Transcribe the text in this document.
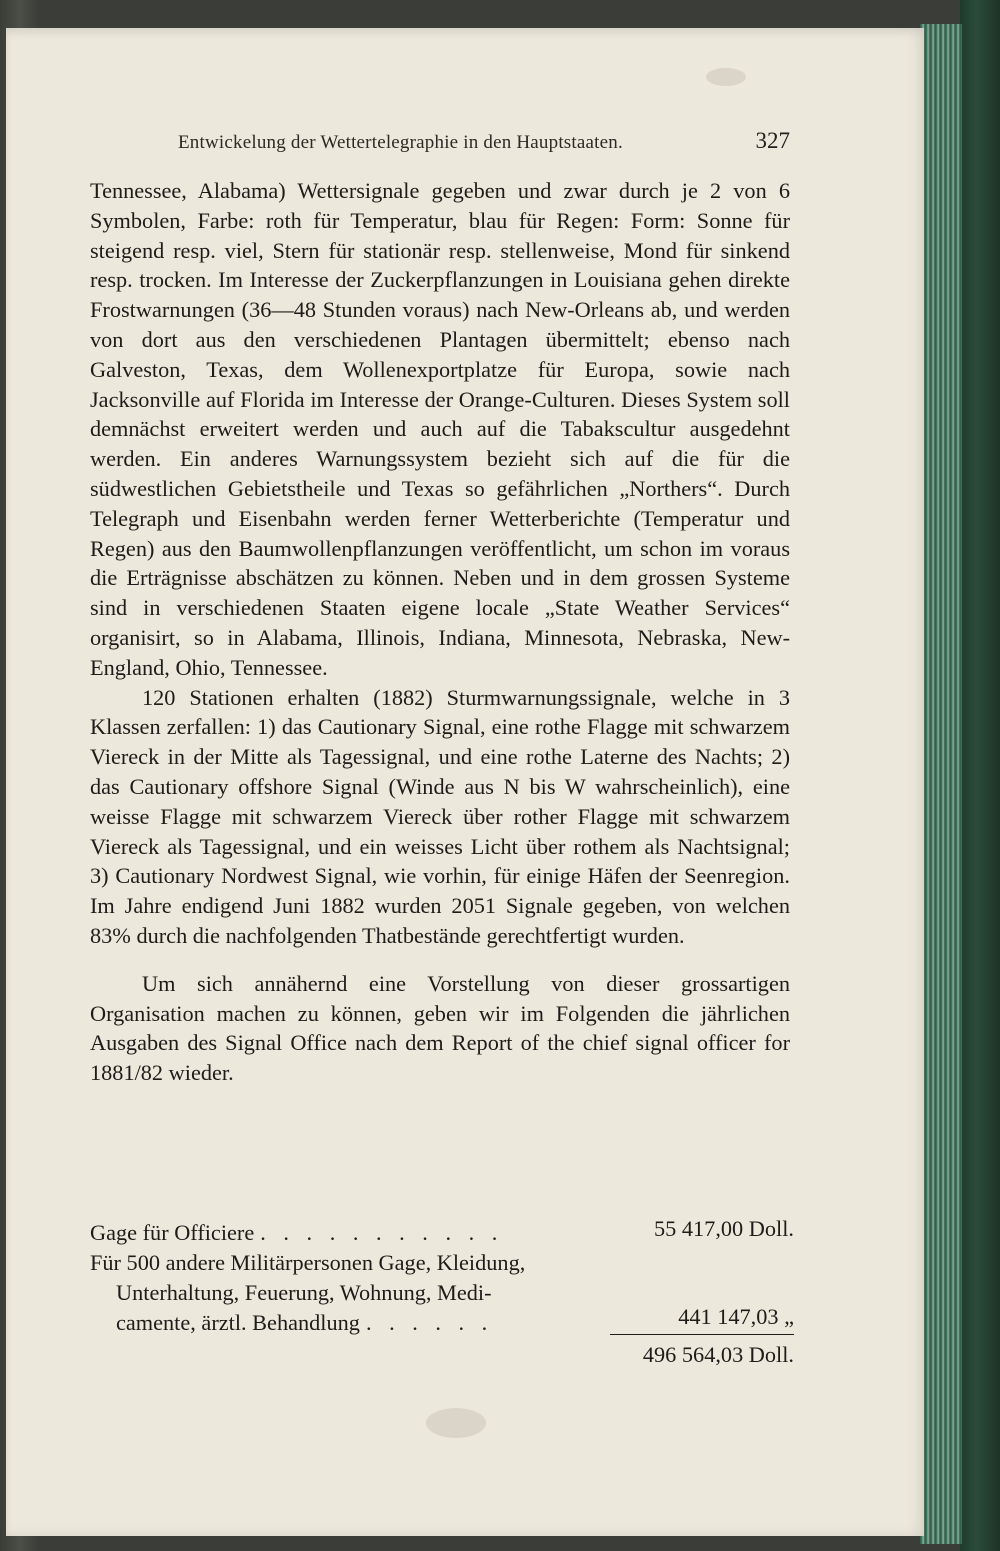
Entwickelung der Wettertelegraphie in den Hauptstaaten.	327

Tennessee, Alabama) Wettersignale gegeben und zwar durch je 2 von 6 Symbolen, Farbe: roth für Temperatur, blau für Regen: Form: Sonne für steigend resp. viel, Stern für stationär resp. stellenweise, Mond für sinkend resp. trocken. Im Interesse der Zuckerpflanzungen in Louisiana gehen direkte Frostwarnungen (36—48 Stunden voraus) nach New-Orleans ab, und werden von dort aus den verschiedenen Plantagen übermittelt; ebenso nach Galveston, Texas, dem Wollenexportplatze für Europa, sowie nach Jacksonville auf Florida im Interesse der Orange-Culturen. Dieses System soll demnächst erweitert werden und auch auf die Tabakscultur ausgedehnt werden. Ein anderes Warnungssystem bezieht sich auf die für die südwestlichen Gebietstheile und Texas so gefährlichen „Northers“. Durch Telegraph und Eisenbahn werden ferner Wetterberichte (Temperatur und Regen) aus den Baumwollenpflanzungen veröffentlicht, um schon im voraus die Erträgnisse abschätzen zu können. Neben und in dem grossen Systeme sind in verschiedenen Staaten eigene locale „State Weather Services“ organisirt, so in Alabama, Illinois, Indiana, Minnesota, Nebraska, New-England, Ohio, Tennessee.

120 Stationen erhalten (1882) Sturmwarnungssignale, welche in 3 Klassen zerfallen: 1) das Cautionary Signal, eine rothe Flagge mit schwarzem Viereck in der Mitte als Tagessignal, und eine rothe Laterne des Nachts; 2) das Cautionary offshore Signal (Winde aus N bis W wahrscheinlich), eine weisse Flagge mit schwarzem Viereck über rother Flagge mit schwarzem Viereck als Tagessignal, und ein weisses Licht über rothem als Nachtsignal; 3) Cautionary Nordwest Signal, wie vorhin, für einige Häfen der Seenregion. Im Jahre endigend Juni 1882 wurden 2051 Signale gegeben, von welchen 83% durch die nachfolgenden Thatbestände gerechtfertigt wurden.

Um sich annähernd eine Vorstellung von dieser grossartigen Organisation machen zu können, geben wir im Folgenden die jährlichen Ausgaben des Signal Office nach dem Report of the chief signal officer for 1881/82 wieder.

Gage für Officiere . . . . . . . . . . .	55 417,00 Doll.
Für 500 andere Militärpersonen Gage, Kleidung,
Unterhaltung, Feuerung, Wohnung, Medi-
camente, ärztl. Behandlung . . . . . .	441 147,03 „
496 564,03 Doll.
